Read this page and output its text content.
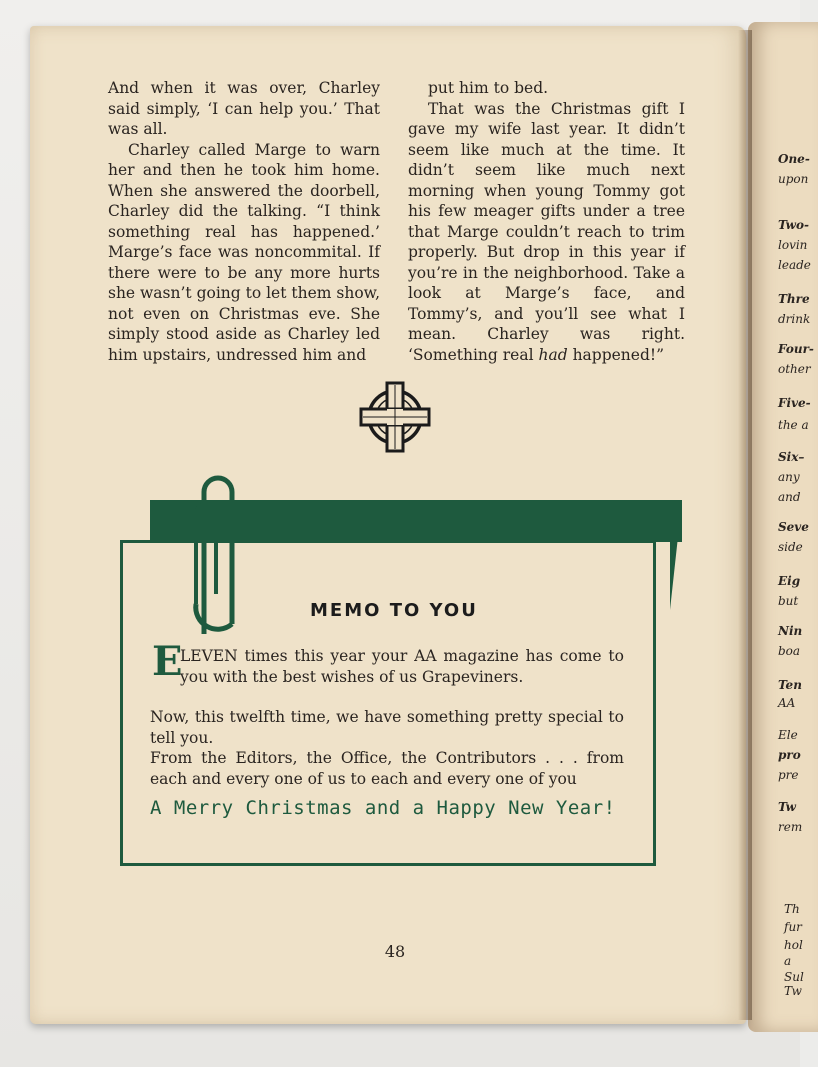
One-
upon
Two-
lovin
leade
Thre
drink
Four-
other
Five-
the a
Six–
any
and
Seve
side
Eig
but
Nin
boa
Ten
AA
Ele
pro
pre
Tw
rem
Th
fur
hol
a
Sul
Tw

And when it was over, Charley said simply, ‘I can help you.’ That was all.

Charley called Marge to warn her and then he took him home. When she answered the doorbell, Charley did the talking. “I think something real has happened.’ Marge’s face was noncommital. If there were to be any more hurts she wasn’t going to let them show, not even on Christmas eve. She simply stood aside as Charley led him upstairs, undressed him and

put him to bed.

That was the Christmas gift I gave my wife last year. It didn’t seem like much at the time. It didn’t seem like much next morning when young Tommy got his few meager gifts under a tree that Marge couldn’t reach to trim properly. But drop in this year if you’re in the neighborhood. Take a look at Marge’s face, and Tommy’s, and you’ll see what I mean. Charley was right. ‘Something real had happened!”

MEMO TO YOU
E
LEVEN times this year your AA magazine has come to you with the best wishes of us Grapeviners.
Now, this twelfth time, we have something pretty special to tell you.
From the Editors, the Office, the Contributors . . . from each and every one of us to each and every one of you
A Merry Christmas and a Happy New Year!
48
